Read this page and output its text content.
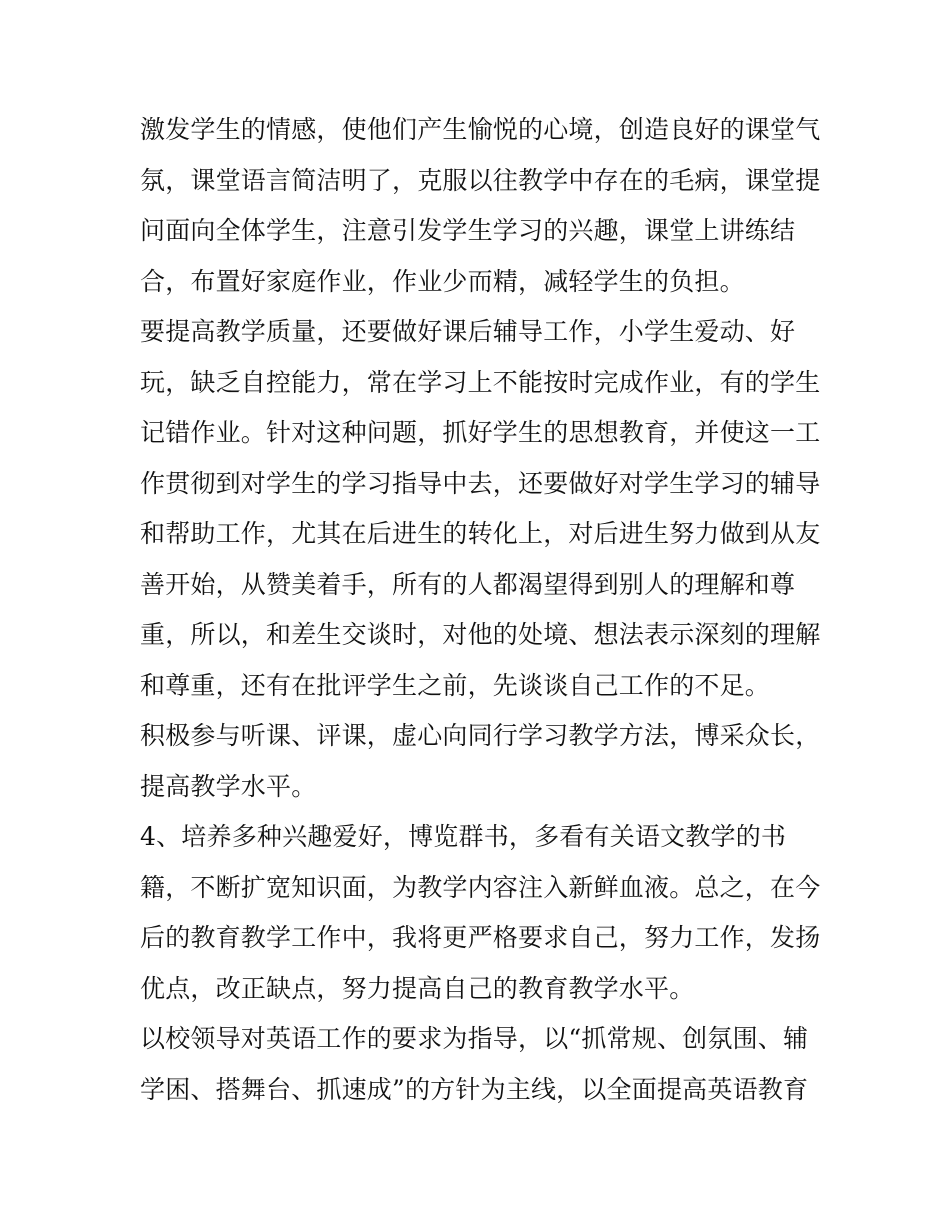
激发学生的情感，使他们产生愉悦的心境，创造良好的课堂气
氛，课堂语言简洁明了，克服以往教学中存在的毛病，课堂提
问面向全体学生，注意引发学生学习的兴趣，课堂上讲练结
合，布置好家庭作业，作业少而精，减轻学生的负担。
要提高教学质量，还要做好课后辅导工作，小学生爱动、好
玩，缺乏自控能力，常在学习上不能按时完成作业，有的学生
记错作业。针对这种问题，抓好学生的思想教育，并使这一工
作贯彻到对学生的学习指导中去，还要做好对学生学习的辅导
和帮助工作，尤其在后进生的转化上，对后进生努力做到从友
善开始，从赞美着手，所有的人都渴望得到别人的理解和尊
重，所以，和差生交谈时，对他的处境、想法表示深刻的理解
和尊重，还有在批评学生之前，先谈谈自己工作的不足。
积极参与听课、评课，虚心向同行学习教学方法，博采众长，
提高教学水平。
4、培养多种兴趣爱好，博览群书，多看有关语文教学的书
籍，不断扩宽知识面，为教学内容注入新鲜血液。总之，在今
后的教育教学工作中，我将更严格要求自己，努力工作，发扬
优点，改正缺点，努力提高自己的教育教学水平。
以校领导对英语工作的要求为指导，以“抓常规、创氛围、辅
学困、搭舞台、抓速成”的方针为主线，以全面提高英语教育
